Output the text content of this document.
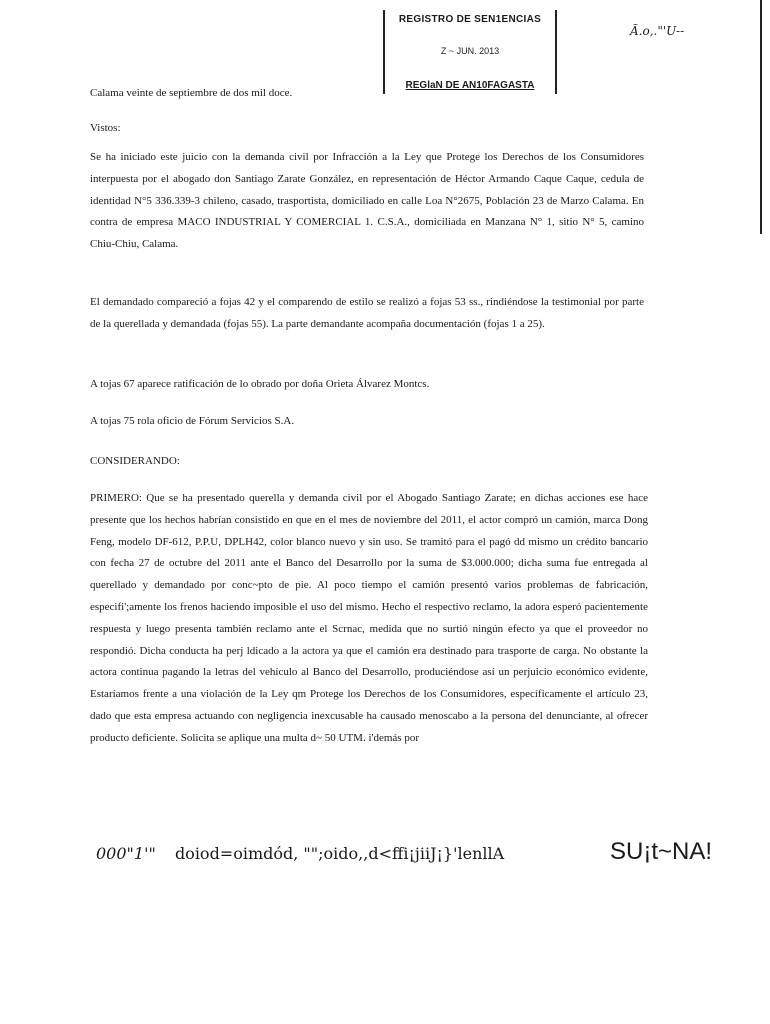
REGISTRO DE SEN1ENCIAS
Z ~ JUN. 2013
REGlaN DE AN10FAGASTA
Ã.o,."'U--
Calama veinte de septiembre de dos mil doce.
Vistos:
Se ha iniciado este juicio con la demanda civil por Infracción a la Ley que Protege los Derechos de los Consumidores interpuesta por el abogado don Santiago Zarate González, en representación de Héctor Armando Caque Caque, cedula de identidad N°5 336.339-3 chileno, casado, trasportista, domiciliado en calle Loa N°2675, Población 23 de Marzo Calama. En contra de empresa MACO INDUSTRIAL Y COMERCIAL 1. C.S.A., domiciliada en Manzana N° 1, sitio N° 5, camino Chiu-Chiu, Calama.
El demandado compareció a fojas 42 y el comparendo de estilo se realizó a fojas 53 ss., rindiéndose la testimonial por parte de la querellada y demandada (fojas 55). La parte demandante acompaña documentación (fojas 1 a 25).
A tojas 67 aparece ratificación de lo obrado por doña Orieta Álvarez Montcs.
A tojas 75 rola oficio de Fórum Servicios S.A.
CONSIDERANDO:
PRIMERO: Que se ha presentado querella y demanda civil por el Abogado Santiago Zarate; en dichas acciones ese hace presente que los hechos habrían consistido en que en el mes de noviembre del 2011, el actor compró un camión, marca Dong Feng, modelo DF-612, P.P.U, DPLH42, color blanco nuevo y sin uso. Se tramitó para el pagó dd mismo un crédito bancario con fecha 27 de octubre del 2011 ante el Banco del Desarrollo por la suma de $3.000.000; dicha suma fue entregada al querellado y demandado por conc~pto de pie. Al poco tiempo el camión presentó varios problemas de fabricación, especifi';amente los frenos haciendo imposible el uso del mismo. Hecho el respectivo reclamo, la adora esperó pacientemente respuesta y luego presenta también reclamo ante el Scrnac, medida que no surtió ningún efecto ya que el proveedor no respondió. Dicha conducta ha perj ldicado a la actora ya que el camión era destinado para trasporte de carga. No obstante la actora continua pagando la letras del vehículo al Banco del Desarrollo, produciéndose así un perjuicio económico evidente, Estaríamos frente a una violación de la Ley qm Protege los Derechos de los Consumidores, específicamente el artículo 23, dado que esta empresa actuando con negligencia inexcusable ha causado menoscabo a la persona del denunciante, al ofrecer producto deficiente. Solicita se aplique una multa d~ 50 UTM. i'demás por
000"1'" doiod=oimdód, "";oido,,d<ffi¡jiiJ¡}'lenllA	SU¡t~NA!
